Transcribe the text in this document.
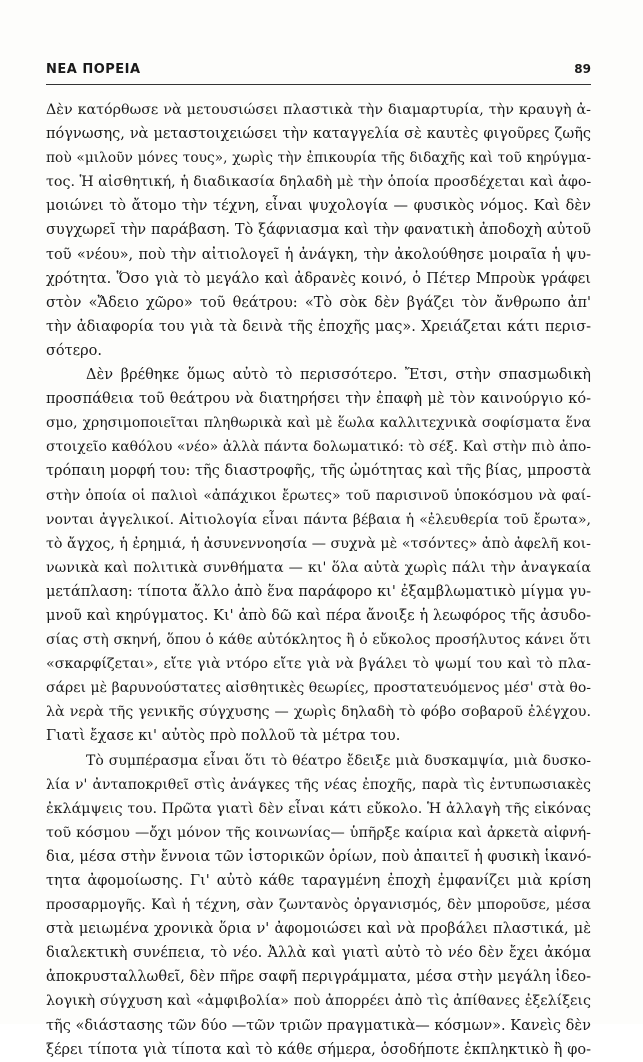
ΝΕΑ ΠΟΡΕΙΑ	89
Δὲν κατόρθωσε νὰ μετουσιώσει πλαστικὰ τὴν διαμαρτυρία, τὴν κραυγὴ ἀ-
πόγνωσης, νὰ μεταστοιχειώσει τὴν καταγγελία σὲ καυτὲς φιγοῦρες ζωῆς
ποὺ «μιλοῦν μόνες τους», χωρὶς τὴν ἐπικουρία τῆς διδαχῆς καὶ τοῦ κηρύγμα-
τος. Ἡ αἰσθητική, ἡ διαδικασία δηλαδὴ μὲ τὴν ὁποία προσδέχεται καὶ ἀφο-
μοιώνει τὸ ἄτομο τὴν τέχνη, εἶναι ψυχολογία — φυσικὸς νόμος. Καὶ δὲν
συγχωρεῖ τὴν παράβαση. Τὸ ξάφνιασμα καὶ τὴν φανατικὴ ἀποδοχὴ αὐτοῦ
τοῦ «νέου», ποὺ τὴν αἰτιολογεῖ ἡ ἀνάγκη, τὴν ἀκολούθησε μοιραῖα ἡ ψυ-
χρότητα. Ὅσο γιὰ τὸ μεγάλο καὶ ἀδρανὲς κοινό, ὁ Πέτερ Μπροὺκ γράφει
στὸν «Ἄδειο χῶρο» τοῦ θεάτρου: «Τὸ σὸκ δὲν βγάζει τὸν ἄνθρωπο ἀπ'
τὴν ἀδιαφορία του γιὰ τὰ δεινὰ τῆς ἐποχῆς μας». Χρειάζεται κάτι περισ-
σότερο.
Δὲν βρέθηκε ὅμως αὐτὸ τὸ περισσότερο. Ἔτσι, στὴν σπασμωδικὴ
προσπάθεια τοῦ θεάτρου νὰ διατηρήσει τὴν ἐπαφὴ μὲ τὸν καινούργιο κό-
σμο, χρησιμοποιεῖται πληθωρικὰ καὶ μὲ ἕωλα καλλιτεχνικὰ σοφίσματα ἕνα
στοιχεῖο καθόλου «νέο» ἀλλὰ πάντα δολωματικό: τὸ σέξ. Καὶ στὴν πιὸ ἀπο-
τρόπαιη μορφή του: τῆς διαστροφῆς, τῆς ὠμότητας καὶ τῆς βίας, μπροστὰ
στὴν ὁποία οἱ παλιοὶ «ἀπάχικοι ἔρωτες» τοῦ παρισινοῦ ὑποκόσμου νὰ φαί-
νονται ἀγγελικοί. Αἰτιολογία εἶναι πάντα βέβαια ἡ «ἐλευθερία τοῦ ἔρωτα»,
τὸ ἄγχος, ἡ ἐρημιά, ἡ ἀσυνεννοησία — συχνὰ μὲ «τσόντες» ἀπὸ ἀφελῆ κοι-
νωνικὰ καὶ πολιτικὰ συνθήματα — κι' ὅλα αὐτὰ χωρὶς πάλι τὴν ἀναγκαία
μετάπλαση: τίποτα ἄλλο ἀπὸ ἕνα παράφορο κι' ἐξαμβλωματικὸ μίγμα γυ-
μνοῦ καὶ κηρύγματος. Κι' ἀπὸ δῶ καὶ πέρα ἄνοιξε ἡ λεωφόρος τῆς ἀσυδο-
σίας στὴ σκηνή, ὅπου ὁ κάθε αὐτόκλητος ἢ ὁ εὔκολος προσήλυτος κάνει ὅτι
«σκαρφίζεται», εἴτε γιὰ ντόρο εἴτε γιὰ νὰ βγάλει τὸ ψωμί του καὶ τὸ πλα-
σάρει μὲ βαρυνούστατες αἰσθητικὲς θεωρίες, προστατευόμενος μέσ' στὰ θο-
λὰ νερὰ τῆς γενικῆς σύγχυσης — χωρὶς δηλαδὴ τὸ φόβο σοβαροῦ ἐλέγχου.
Γιατὶ ἔχασε κι' αὐτὸς πρὸ πολλοῦ τὰ μέτρα του.
Τὸ συμπέρασμα εἶναι ὅτι τὸ θέατρο ἔδειξε μιὰ δυσκαμψία, μιὰ δυσκο-
λία ν' ἀνταποκριθεῖ στὶς ἀνάγκες τῆς νέας ἐποχῆς, παρὰ τὶς ἐντυπωσιακὲς
ἐκλάμψεις του. Πρῶτα γιατὶ δὲν εἶναι κάτι εὔκολο. Ἡ ἀλλαγὴ τῆς εἰκόνας
τοῦ κόσμου —ὄχι μόνον τῆς κοινωνίας— ὑπῆρξε καίρια καὶ ἀρκετὰ αἰφνή-
δια, μέσα στὴν ἔννοια τῶν ἱστορικῶν ὁρίων, ποὺ ἀπαιτεῖ ἡ φυσικὴ ἱκανό-
τητα ἀφομοίωσης. Γι' αὐτὸ κάθε ταραγμένη ἐποχὴ ἐμφανίζει μιὰ κρίση
προσαρμογῆς. Καὶ ἡ τέχνη, σὰν ζωντανὸς ὀργανισμός, δὲν μποροῦσε, μέσα
στὰ μειωμένα χρονικὰ ὅρια ν' ἀφομοιώσει καὶ νὰ προβάλει πλαστικά, μὲ
διαλεκτικὴ συνέπεια, τὸ νέο. Ἀλλὰ καὶ γιατὶ αὐτὸ τὸ νέο δὲν ἔχει ἀκόμα
ἀποκρυσταλλωθεῖ, δὲν πῆρε σαφῆ περιγράμματα, μέσα στὴν μεγάλη ἰδεο-
λογικὴ σύγχυση καὶ «ἀμφιβολία» ποὺ ἀπορρέει ἀπὸ τὶς ἀπίθανες ἐξελίξεις
τῆς «διάστασης τῶν δύο —τῶν τριῶν πραγματικὰ— κόσμων». Κανεὶς δὲν
ξέρει τίποτα γιὰ τίποτα καὶ τὸ κάθε σήμερα, ὁσοδήποτε ἐκπληκτικὸ ἢ φο-
